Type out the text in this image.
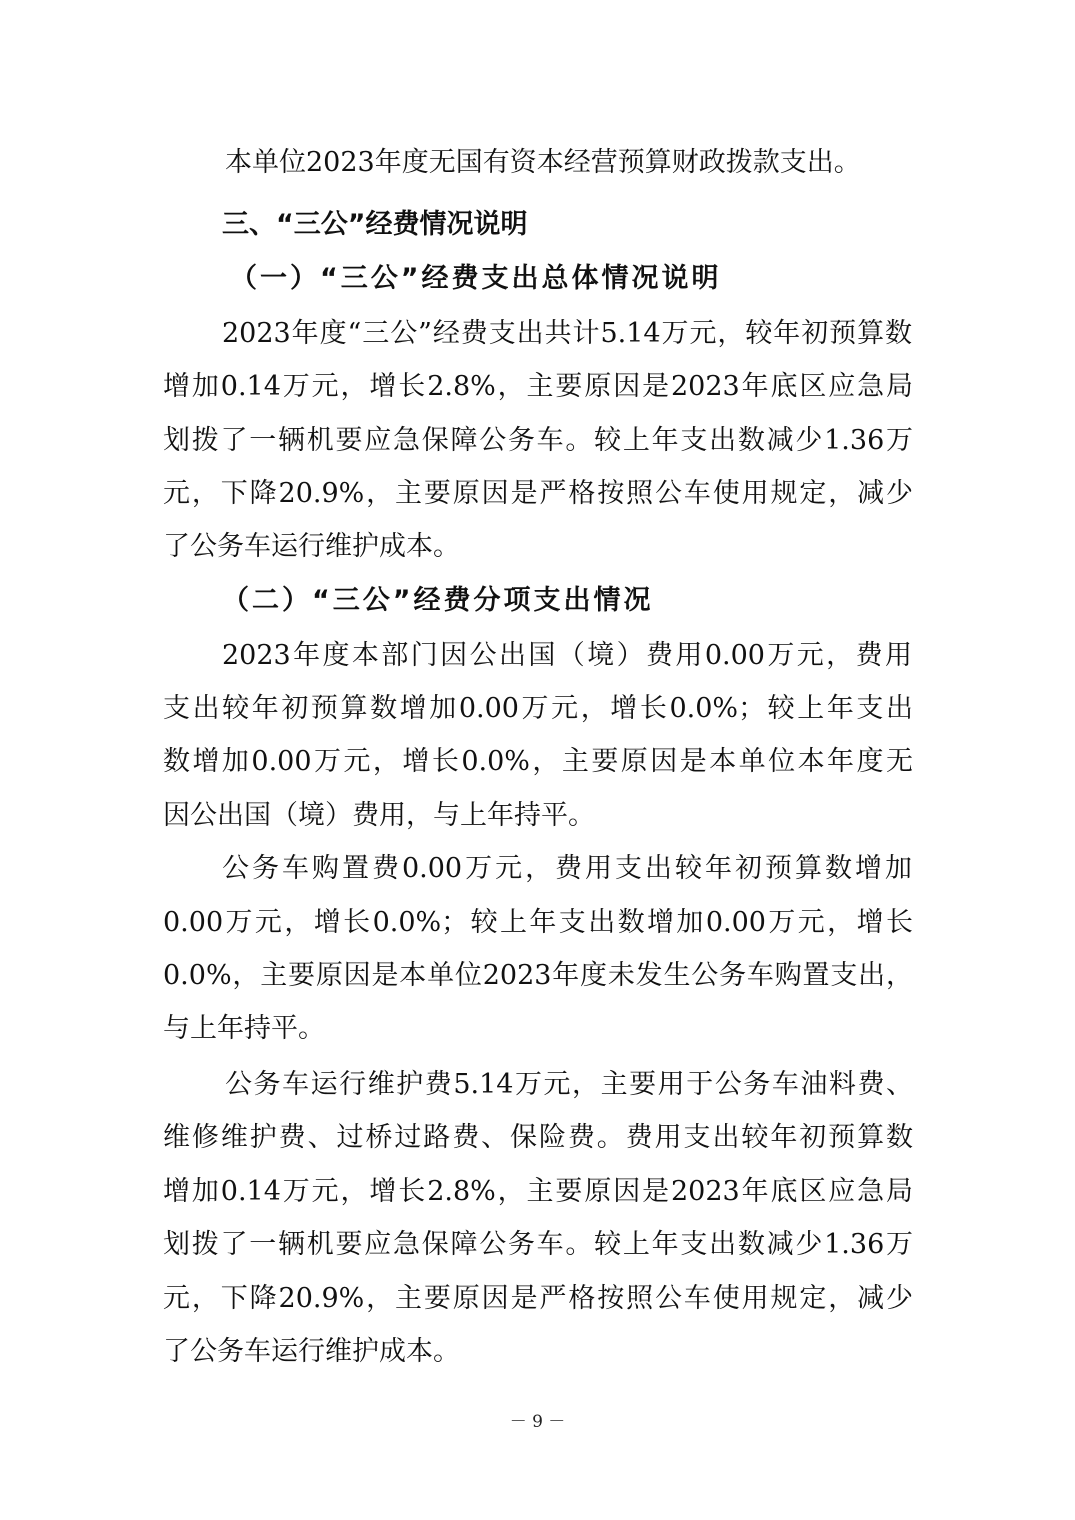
本单位2023年度无国有资本经营预算财政拨款支出。
三、“三公”经费情况说明
（一）“三公”经费支出总体情况说明
2023年度“三公”经费支出共计5.14万元，较年初预算数
增加0.14万元，增长2.8%，主要原因是2023年底区应急局
划拨了一辆机要应急保障公务车。较上年支出数减少1.36万
元，下降20.9%，主要原因是严格按照公车使用规定，减少
了公务车运行维护成本。
（二）“三公”经费分项支出情况
2023年度本部门因公出国（境）费用0.00万元，费用
支出较年初预算数增加0.00万元，增长0.0%；较上年支出
数增加0.00万元，增长0.0%，主要原因是本单位本年度无
因公出国（境）费用，与上年持平。
公务车购置费0.00万元，费用支出较年初预算数增加
0.00万元，增长0.0%；较上年支出数增加0.00万元，增长
0.0%，主要原因是本单位2023年度未发生公务车购置支出，
与上年持平。
公务车运行维护费5.14万元，主要用于公务车油料费、
维修维护费、过桥过路费、保险费。费用支出较年初预算数
增加0.14万元，增长2.8%，主要原因是2023年底区应急局
划拨了一辆机要应急保障公务车。较上年支出数减少1.36万
元，下降20.9%，主要原因是严格按照公车使用规定，减少
了公务车运行维护成本。
－ 9 －
